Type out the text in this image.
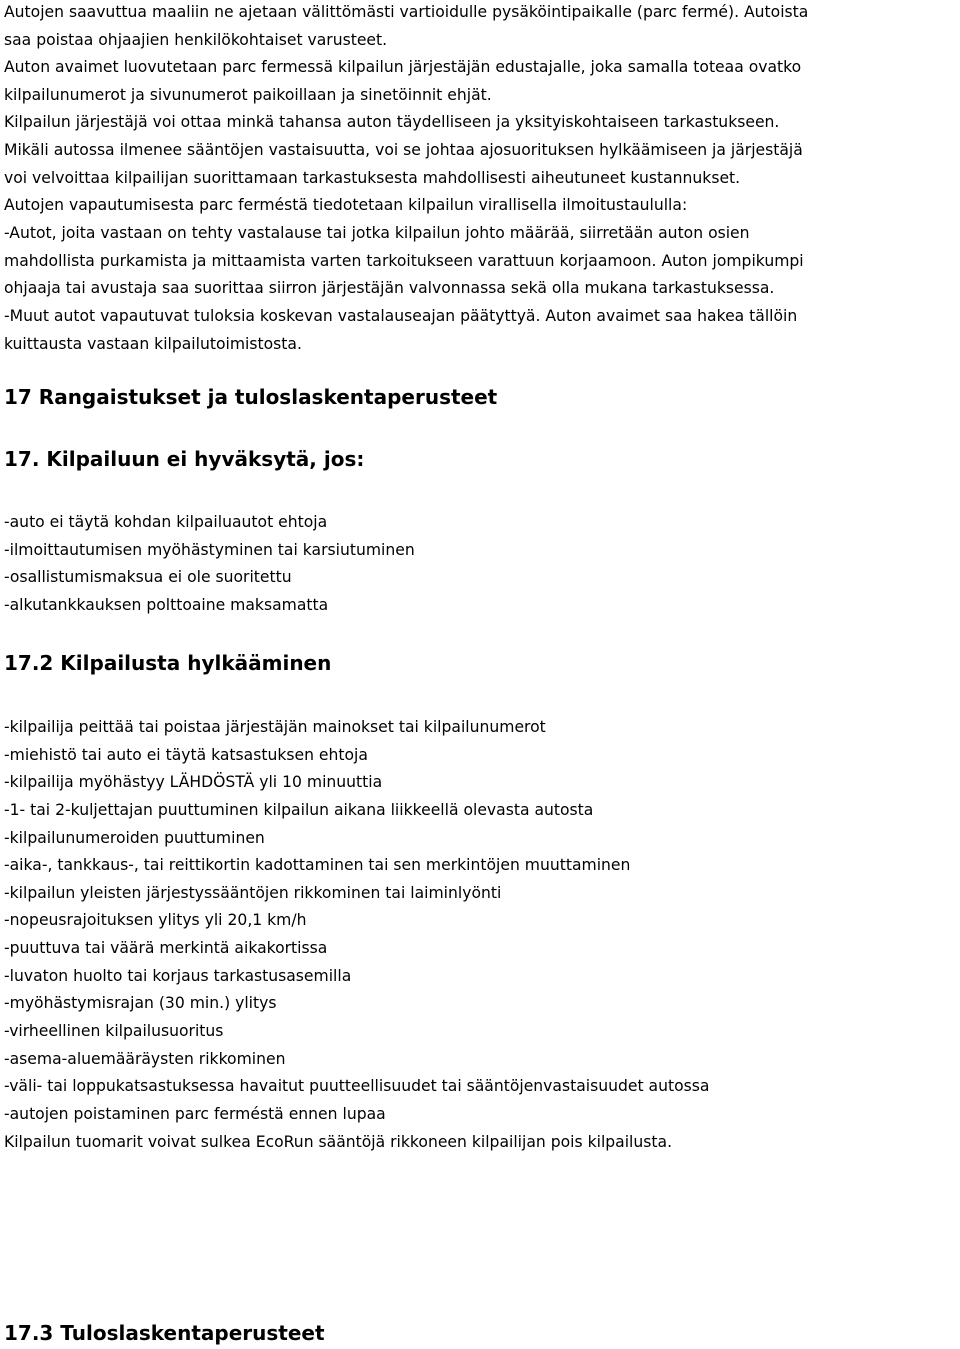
Autojen saavuttua maaliin ne ajetaan välittömästi vartioidulle pysäköintipaikalle (parc fermé). Autoista

saa poistaa ohjaajien henkilökohtaiset varusteet.

Auton avaimet luovutetaan parc fermessä kilpailun järjestäjän edustajalle, joka samalla toteaa ovatko

kilpailunumerot ja sivunumerot paikoillaan ja sinetöinnit ehjät.

Kilpailun järjestäjä voi ottaa minkä tahansa auton täydelliseen ja yksityiskohtaiseen tarkastukseen.

Mikäli autossa ilmenee sääntöjen vastaisuutta, voi se johtaa ajosuorituksen hylkäämiseen ja järjestäjä

voi velvoittaa kilpailijan suorittamaan tarkastuksesta mahdollisesti aiheutuneet kustannukset.

Autojen vapautumisesta parc ferméstä tiedotetaan kilpailun virallisella ilmoitustaululla:

-Autot, joita vastaan on tehty vastalause tai jotka kilpailun johto määrää, siirretään auton osien

mahdollista purkamista ja mittaamista varten tarkoitukseen varattuun korjaamoon. Auton jompikumpi

ohjaaja tai avustaja saa suorittaa siirron järjestäjän valvonnassa sekä olla mukana tarkastuksessa.

-Muut autot vapautuvat tuloksia koskevan vastalauseajan päätyttyä. Auton avaimet saa hakea tällöin

kuittausta vastaan kilpailutoimistosta.

17 Rangaistukset ja tuloslaskentaperusteet
17. Kilpailuun ei hyväksytä, jos:

-auto ei täytä kohdan kilpailuautot ehtoja

-ilmoittautumisen myöhästyminen tai karsiutuminen

-osallistumismaksua ei ole suoritettu

-alkutankkauksen polttoaine maksamatta

17.2 Kilpailusta hylkääminen

-kilpailija peittää tai poistaa järjestäjän mainokset tai kilpailunumerot

-miehistö tai auto ei täytä katsastuksen ehtoja

-kilpailija myöhästyy LÄHDÖSTÄ yli 10 minuuttia

-1- tai 2-kuljettajan puuttuminen kilpailun aikana liikkeellä olevasta autosta

-kilpailunumeroiden puuttuminen

-aika-, tankkaus-, tai reittikortin kadottaminen tai sen merkintöjen muuttaminen

-kilpailun yleisten järjestyssääntöjen rikkominen tai laiminlyönti

-nopeusrajoituksen ylitys yli 20,1 km/h

-puuttuva tai väärä merkintä aikakortissa

-luvaton huolto tai korjaus tarkastusasemilla

-myöhästymisrajan (30 min.) ylitys

-virheellinen kilpailusuoritus

-asema-aluemääräysten rikkominen

-väli- tai loppukatsastuksessa havaitut puutteellisuudet tai sääntöjenvastaisuudet autossa

-autojen poistaminen parc ferméstä ennen lupaa

Kilpailun tuomarit voivat sulkea EcoRun sääntöjä rikkoneen kilpailijan pois kilpailusta.

17.3 Tuloslaskentaperusteet
